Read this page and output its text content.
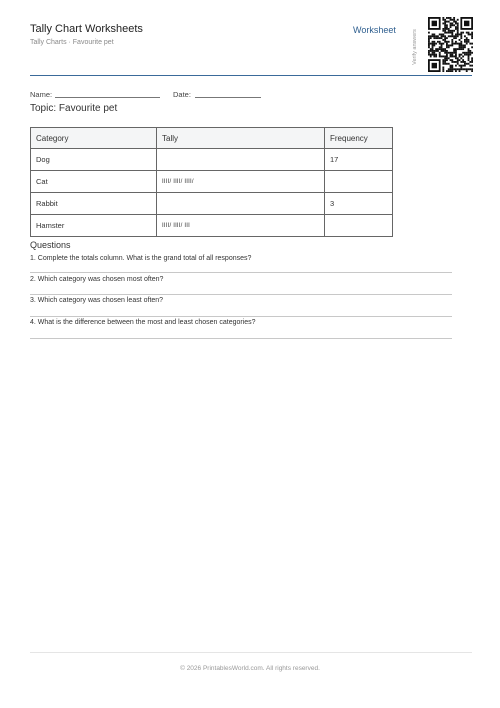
Tally Chart Worksheets
Tally Charts · Favourite pet
Worksheet	Verify answers
Name:	Date:
Topic: Favourite pet
Category	Tally	Frequency
Dog		17
Cat	IIII/ IIII/ IIII/	
Rabbit		3
Hamster	IIII/ IIII/ III	
Questions
1. Complete the totals column. What is the grand total of all responses?
2. Which category was chosen most often?
3. Which category was chosen least often?
4. What is the difference between the most and least chosen categories?
© 2026 PrintablesWorld.com. All rights reserved.
